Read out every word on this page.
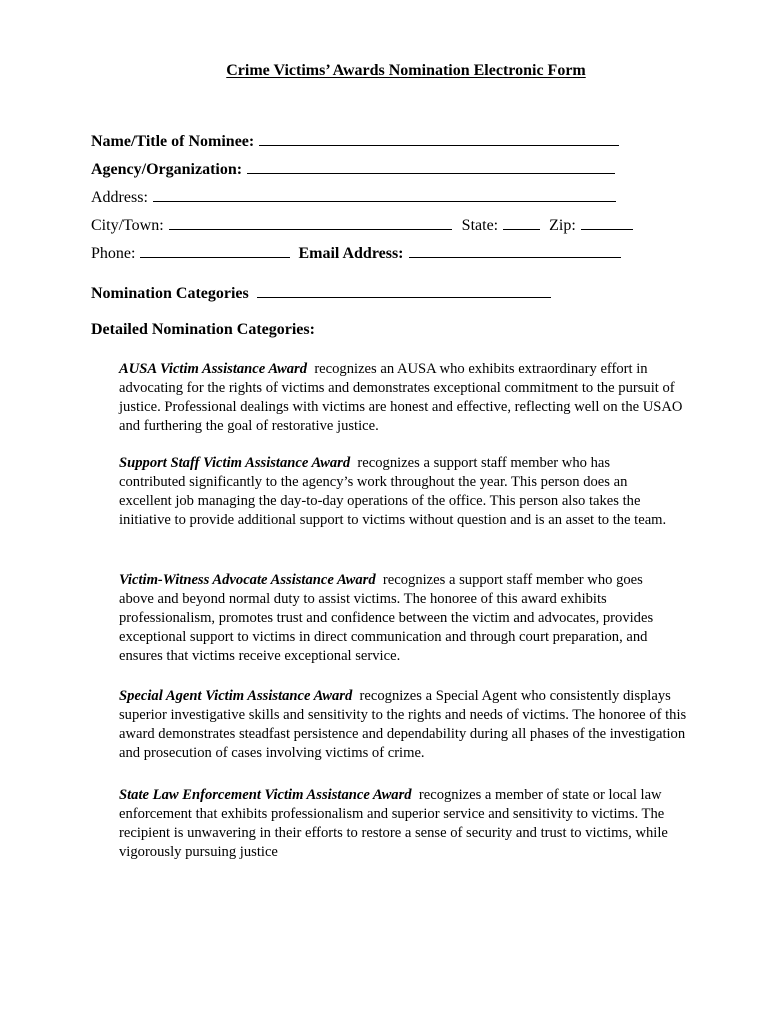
Crime Victims’ Awards Nomination Electronic Form
Name/Title of Nominee:
Agency/Organization:
Address:
City/Town:	State:	Zip:
Phone:	Email Address:
Nomination Categories
Detailed Nomination Categories:
AUSA Victim Assistance Award recognizes an AUSA who exhibits extraordinary effort in advocating for the rights of victims and demonstrates exceptional commitment to the pursuit of justice. Professional dealings with victims are honest and effective, reflecting well on the USAO and furthering the goal of restorative justice.
Support Staff Victim Assistance Award recognizes a support staff member who has contributed significantly to the agency’s work throughout the year. This person does an excellent job managing the day-to-day operations of the office. This person also takes the initiative to provide additional support to victims without question and is an asset to the team.
Victim-Witness Advocate Assistance Award recognizes a support staff member who goes above and beyond normal duty to assist victims. The honoree of this award exhibits professionalism, promotes trust and confidence between the victim and advocates, provides exceptional support to victims in direct communication and through court preparation, and ensures that victims receive exceptional service.
Special Agent Victim Assistance Award recognizes a Special Agent who consistently displays superior investigative skills and sensitivity to the rights and needs of victims. The honoree of this award demonstrates steadfast persistence and dependability during all phases of the investigation and prosecution of cases involving victims of crime.
State Law Enforcement Victim Assistance Award recognizes a member of state or local law enforcement that exhibits professionalism and superior service and sensitivity to victims. The recipient is unwavering in their efforts to restore a sense of security and trust to victims, while vigorously pursuing justice
